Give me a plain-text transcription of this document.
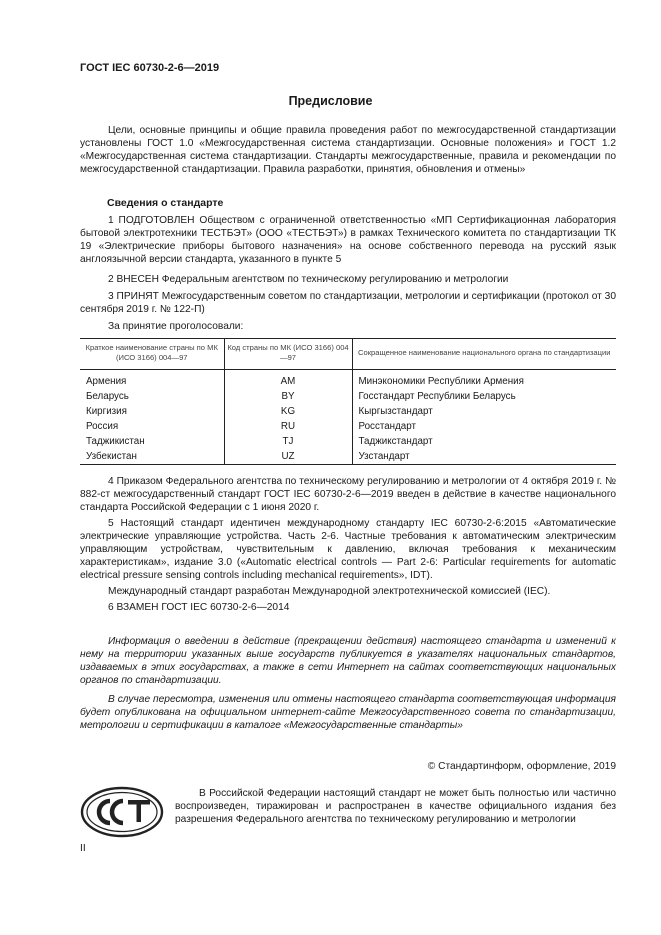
ГОСТ IEC 60730-2-6—2019
Предисловие
Цели, основные принципы и общие правила проведения работ по межгосударственной стандартизации установлены ГОСТ 1.0 «Межгосударственная система стандартизации. Основные положения» и ГОСТ 1.2 «Межгосударственная система стандартизации. Стандарты межгосударственные, правила и рекомендации по межгосударственной стандартизации. Правила разработки, принятия, обновления и отмены»
Сведения о стандарте
1 ПОДГОТОВЛЕН Обществом с ограниченной ответственностью «МП Сертификационная лаборатория бытовой электротехники ТЕСТБЭТ» (ООО «ТЕСТБЭТ») в рамках Технического комитета по стандартизации ТК 19 «Электрические приборы бытового назначения» на основе собственного перевода на русский язык англоязычной версии стандарта, указанного в пункте 5
2 ВНЕСЕН Федеральным агентством по техническому регулированию и метрологии
3 ПРИНЯТ Межгосударственным советом по стандартизации, метрологии и сертификации (протокол от 30 сентября 2019 г. № 122-П)
За принятие проголосовали:
Краткое наименование страны по МК (ИСО 3166) 004—97	Код страны по МК (ИСО 3166) 004—97	Сокращенное наименование национального органа по стандартизации
Армения	AM	Минэкономики Республики Армения
Беларусь	BY	Госстандарт Республики Беларусь
Киргизия	KG	Кыргызстандарт
Россия	RU	Росстандарт
Таджикистан	TJ	Таджикстандарт
Узбекистан	UZ	Узстандарт
4 Приказом Федерального агентства по техническому регулированию и метрологии от 4 октября 2019 г. № 882-ст межгосударственный стандарт ГОСТ IEC 60730-2-6—2019 введен в действие в качестве национального стандарта Российской Федерации с 1 июня 2020 г.
5 Настоящий стандарт идентичен международному стандарту IEC 60730-2-6:2015 «Автоматические электрические управляющие устройства. Часть 2-6. Частные требования к автоматическим электрическим управляющим устройствам, чувствительным к давлению, включая требования к механическим характеристикам», издание 3.0 («Automatic electrical controls — Part 2-6: Particular requirements for automatic electrical pressure sensing controls including mechanical requirements», IDT).
Международный стандарт разработан Международной электротехнической комиссией (IEC).
6 ВЗАМЕН ГОСТ IEC 60730-2-6—2014
Информация о введении в действие (прекращении действия) настоящего стандарта и изменений к нему на территории указанных выше государств публикуется в указателях национальных стандартов, издаваемых в этих государствах, а также в сети Интернет на сайтах соответствующих национальных органов по стандартизации.
В случае пересмотра, изменения или отмены настоящего стандарта соответствующая информация будет опубликована на официальном интернет-сайте Межгосударственного совета по стандартизации, метрологии и сертификации в каталоге «Межгосударственные стандарты»
© Стандартинформ, оформление, 2019
В Российской Федерации настоящий стандарт не может быть полностью или частично воспроизведен, тиражирован и распространен в качестве официального издания без разрешения Федерального агентства по техническому регулированию и метрологии
II
